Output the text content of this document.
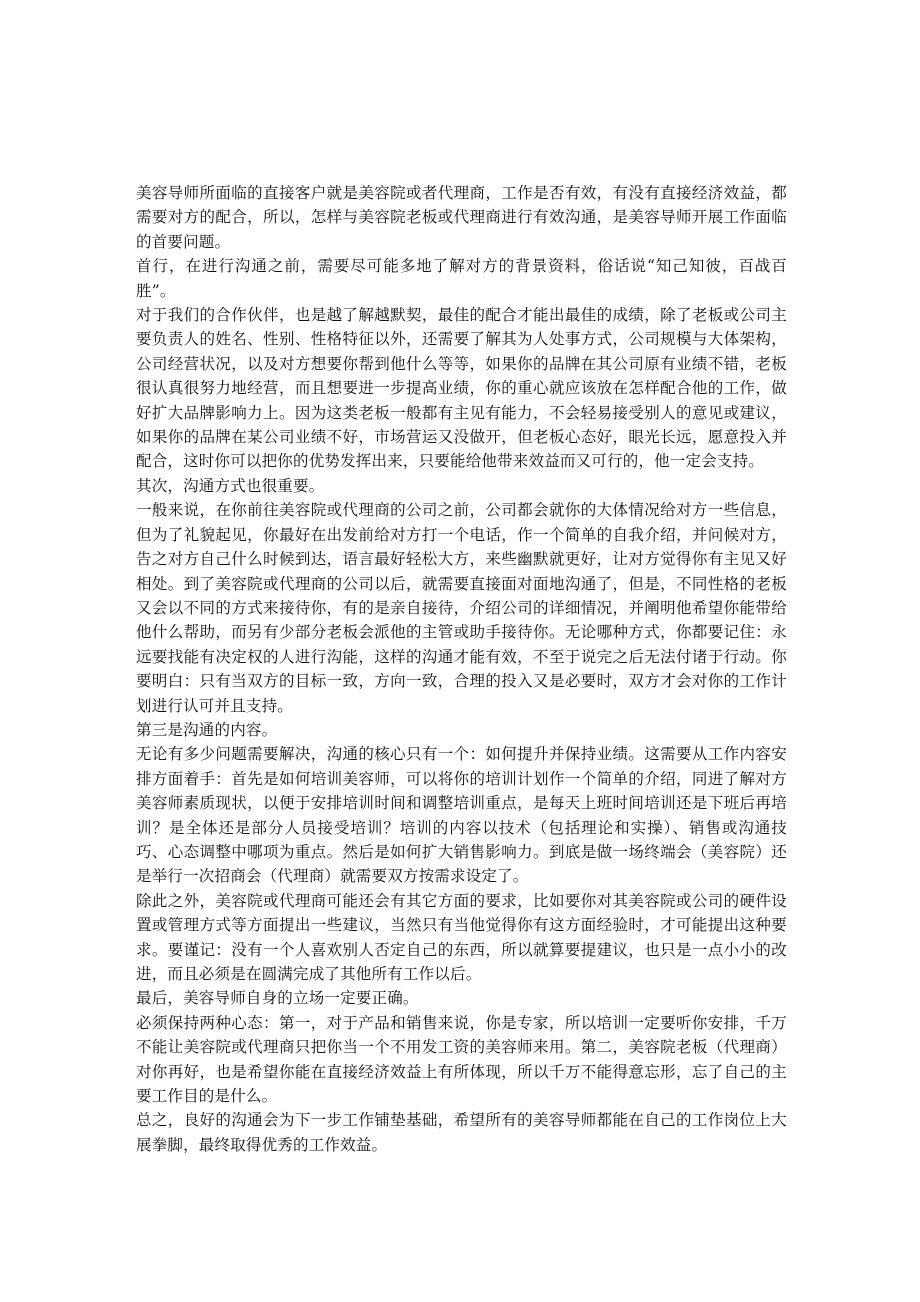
美容导师所面临的直接客户就是美容院或者代理商，工作是否有效，有没有直接经济效益，都需要对方的配合，所以，怎样与美容院老板或代理商进行有效沟通，是美容导师开展工作面临的首要问题。

首行，在进行沟通之前，需要尽可能多地了解对方的背景资料，俗话说“知己知彼，百战百胜”。

对于我们的合作伙伴，也是越了解越默契，最佳的配合才能出最佳的成绩，除了老板或公司主要负责人的姓名、性别、性格特征以外，还需要了解其为人处事方式，公司规模与大体架构，公司经营状况，以及对方想要你帮到他什么等等，如果你的品牌在其公司原有业绩不错，老板很认真很努力地经营，而且想要进一步提高业绩，你的重心就应该放在怎样配合他的工作，做好扩大品牌影响力上。因为这类老板一般都有主见有能力，不会轻易接受别人的意见或建议，如果你的品牌在某公司业绩不好，市场营运又没做开，但老板心态好，眼光长远，愿意投入并配合，这时你可以把你的优势发挥出来，只要能给他带来效益而又可行的，他一定会支持。

其次，沟通方式也很重要。

一般来说，在你前往美容院或代理商的公司之前，公司都会就你的大体情况给对方一些信息，但为了礼貌起见，你最好在出发前给对方打一个电话，作一个简单的自我介绍，并问候对方，告之对方自己什么时候到达，语言最好轻松大方，来些幽默就更好，让对方觉得你有主见又好相处。到了美容院或代理商的公司以后，就需要直接面对面地沟通了，但是，不同性格的老板又会以不同的方式来接待你，有的是亲自接待，介绍公司的详细情况，并阐明他希望你能带给他什么帮助，而另有少部分老板会派他的主管或助手接待你。无论哪种方式，你都要记住：永远要找能有决定权的人进行沟能，这样的沟通才能有效，不至于说完之后无法付诸于行动。你要明白：只有当双方的目标一致，方向一致，合理的投入又是必要时，双方才会对你的工作计划进行认可并且支持。

第三是沟通的内容。

无论有多少问题需要解决，沟通的核心只有一个：如何提升并保持业绩。这需要从工作内容安排方面着手：首先是如何培训美容师，可以将你的培训计划作一个简单的介绍，同进了解对方美容师素质现状，以便于安排培训时间和调整培训重点，是每天上班时间培训还是下班后再培训？是全体还是部分人员接受培训？培训的内容以技术（包括理论和实操）、销售或沟通技巧、心态调整中哪项为重点。然后是如何扩大销售影响力。到底是做一场终端会（美容院）还是举行一次招商会（代理商）就需要双方按需求设定了。

除此之外，美容院或代理商可能还会有其它方面的要求，比如要你对其美容院或公司的硬件设置或管理方式等方面提出一些建议，当然只有当他觉得你有这方面经验时，才可能提出这种要求。要谨记：没有一个人喜欢别人否定自己的东西，所以就算要提建议，也只是一点小小的改进，而且必须是在圆满完成了其他所有工作以后。

最后，美容导师自身的立场一定要正确。

必须保持两种心态：第一，对于产品和销售来说，你是专家，所以培训一定要听你安排，千万不能让美容院或代理商只把你当一个不用发工资的美容师来用。第二，美容院老板（代理商）对你再好，也是希望你能在直接经济效益上有所体现，所以千万不能得意忘形，忘了自己的主要工作目的是什么。

总之，良好的沟通会为下一步工作铺垫基础，希望所有的美容导师都能在自己的工作岗位上大展拳脚，最终取得优秀的工作效益。
